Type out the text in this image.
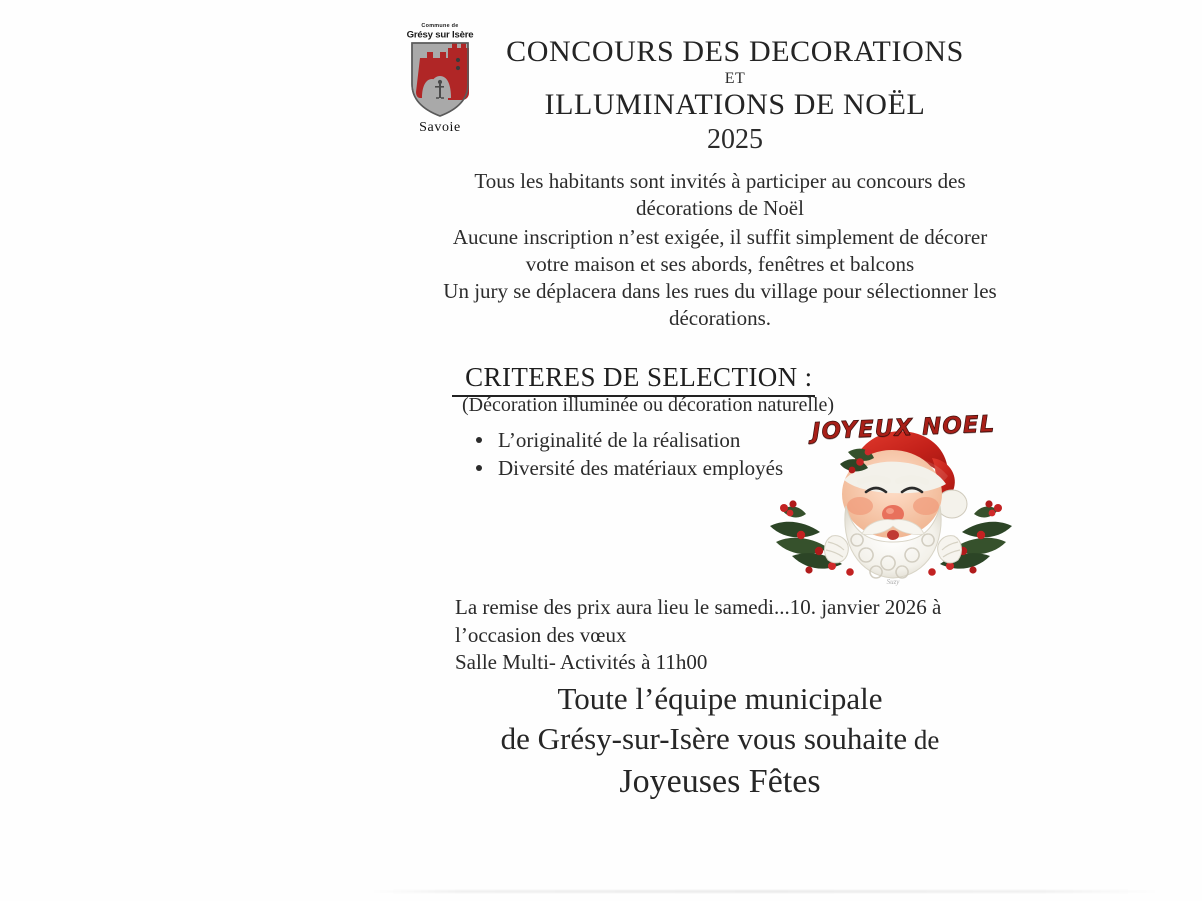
Commune de
Grésy sur Isère
Savoie
CONCOURS DES DECORATIONS
ET
ILLUMINATIONS DE NOËL
2025
Tous les habitants sont invités à participer au concours des décorations de Noël
Aucune inscription n’est exigée, il suffit simplement de décorer votre maison et ses abords, fenêtres et balcons
Un jury se déplacera dans les rues du village pour sélectionner les décorations.
CRITERES DE SELECTION :
(Décoration illuminée ou décoration naturelle)
L’originalité de la réalisation
Diversité des matériaux employés
Suzy
JOYEUX NOEL
La remise des prix aura lieu le samedi...10. janvier 2026 à
l’occasion des vœux
Salle Multi- Activités à 11h00
Toute l’équipe municipale
de Grésy-sur-Isère vous souhaite de
Joyeuses Fêtes
